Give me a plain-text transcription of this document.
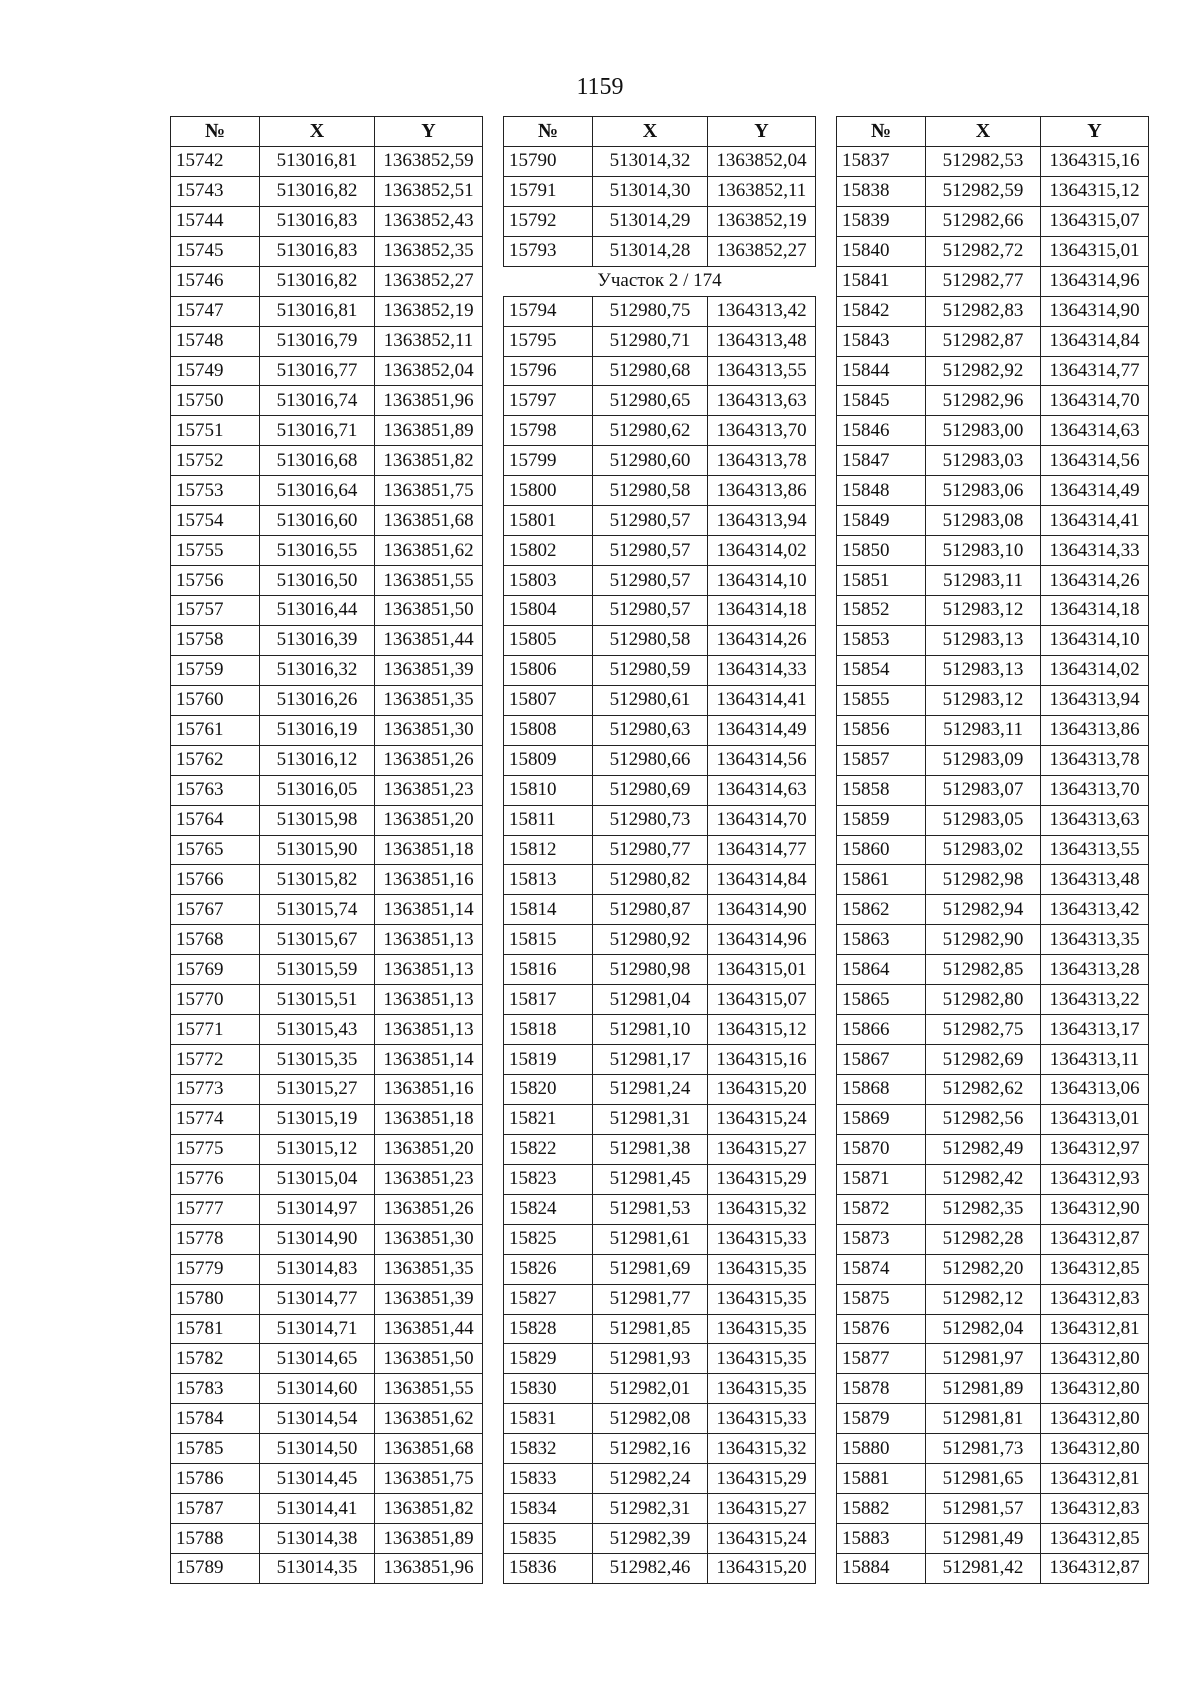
1159
№	X	Y
15742	513016,81	1363852,59
15743	513016,82	1363852,51
15744	513016,83	1363852,43
15745	513016,83	1363852,35
15746	513016,82	1363852,27
15747	513016,81	1363852,19
15748	513016,79	1363852,11
15749	513016,77	1363852,04
15750	513016,74	1363851,96
15751	513016,71	1363851,89
15752	513016,68	1363851,82
15753	513016,64	1363851,75
15754	513016,60	1363851,68
15755	513016,55	1363851,62
15756	513016,50	1363851,55
15757	513016,44	1363851,50
15758	513016,39	1363851,44
15759	513016,32	1363851,39
15760	513016,26	1363851,35
15761	513016,19	1363851,30
15762	513016,12	1363851,26
15763	513016,05	1363851,23
15764	513015,98	1363851,20
15765	513015,90	1363851,18
15766	513015,82	1363851,16
15767	513015,74	1363851,14
15768	513015,67	1363851,13
15769	513015,59	1363851,13
15770	513015,51	1363851,13
15771	513015,43	1363851,13
15772	513015,35	1363851,14
15773	513015,27	1363851,16
15774	513015,19	1363851,18
15775	513015,12	1363851,20
15776	513015,04	1363851,23
15777	513014,97	1363851,26
15778	513014,90	1363851,30
15779	513014,83	1363851,35
15780	513014,77	1363851,39
15781	513014,71	1363851,44
15782	513014,65	1363851,50
15783	513014,60	1363851,55
15784	513014,54	1363851,62
15785	513014,50	1363851,68
15786	513014,45	1363851,75
15787	513014,41	1363851,82
15788	513014,38	1363851,89
15789	513014,35	1363851,96
№	X	Y
15790	513014,32	1363852,04
15791	513014,30	1363852,11
15792	513014,29	1363852,19
15793	513014,28	1363852,27
Участок 2 / 174		
15794	512980,75	1364313,42
15795	512980,71	1364313,48
15796	512980,68	1364313,55
15797	512980,65	1364313,63
15798	512980,62	1364313,70
15799	512980,60	1364313,78
15800	512980,58	1364313,86
15801	512980,57	1364313,94
15802	512980,57	1364314,02
15803	512980,57	1364314,10
15804	512980,57	1364314,18
15805	512980,58	1364314,26
15806	512980,59	1364314,33
15807	512980,61	1364314,41
15808	512980,63	1364314,49
15809	512980,66	1364314,56
15810	512980,69	1364314,63
15811	512980,73	1364314,70
15812	512980,77	1364314,77
15813	512980,82	1364314,84
15814	512980,87	1364314,90
15815	512980,92	1364314,96
15816	512980,98	1364315,01
15817	512981,04	1364315,07
15818	512981,10	1364315,12
15819	512981,17	1364315,16
15820	512981,24	1364315,20
15821	512981,31	1364315,24
15822	512981,38	1364315,27
15823	512981,45	1364315,29
15824	512981,53	1364315,32
15825	512981,61	1364315,33
15826	512981,69	1364315,35
15827	512981,77	1364315,35
15828	512981,85	1364315,35
15829	512981,93	1364315,35
15830	512982,01	1364315,35
15831	512982,08	1364315,33
15832	512982,16	1364315,32
15833	512982,24	1364315,29
15834	512982,31	1364315,27
15835	512982,39	1364315,24
15836	512982,46	1364315,20
№	X	Y
15837	512982,53	1364315,16
15838	512982,59	1364315,12
15839	512982,66	1364315,07
15840	512982,72	1364315,01
15841	512982,77	1364314,96
15842	512982,83	1364314,90
15843	512982,87	1364314,84
15844	512982,92	1364314,77
15845	512982,96	1364314,70
15846	512983,00	1364314,63
15847	512983,03	1364314,56
15848	512983,06	1364314,49
15849	512983,08	1364314,41
15850	512983,10	1364314,33
15851	512983,11	1364314,26
15852	512983,12	1364314,18
15853	512983,13	1364314,10
15854	512983,13	1364314,02
15855	512983,12	1364313,94
15856	512983,11	1364313,86
15857	512983,09	1364313,78
15858	512983,07	1364313,70
15859	512983,05	1364313,63
15860	512983,02	1364313,55
15861	512982,98	1364313,48
15862	512982,94	1364313,42
15863	512982,90	1364313,35
15864	512982,85	1364313,28
15865	512982,80	1364313,22
15866	512982,75	1364313,17
15867	512982,69	1364313,11
15868	512982,62	1364313,06
15869	512982,56	1364313,01
15870	512982,49	1364312,97
15871	512982,42	1364312,93
15872	512982,35	1364312,90
15873	512982,28	1364312,87
15874	512982,20	1364312,85
15875	512982,12	1364312,83
15876	512982,04	1364312,81
15877	512981,97	1364312,80
15878	512981,89	1364312,80
15879	512981,81	1364312,80
15880	512981,73	1364312,80
15881	512981,65	1364312,81
15882	512981,57	1364312,83
15883	512981,49	1364312,85
15884	512981,42	1364312,87
